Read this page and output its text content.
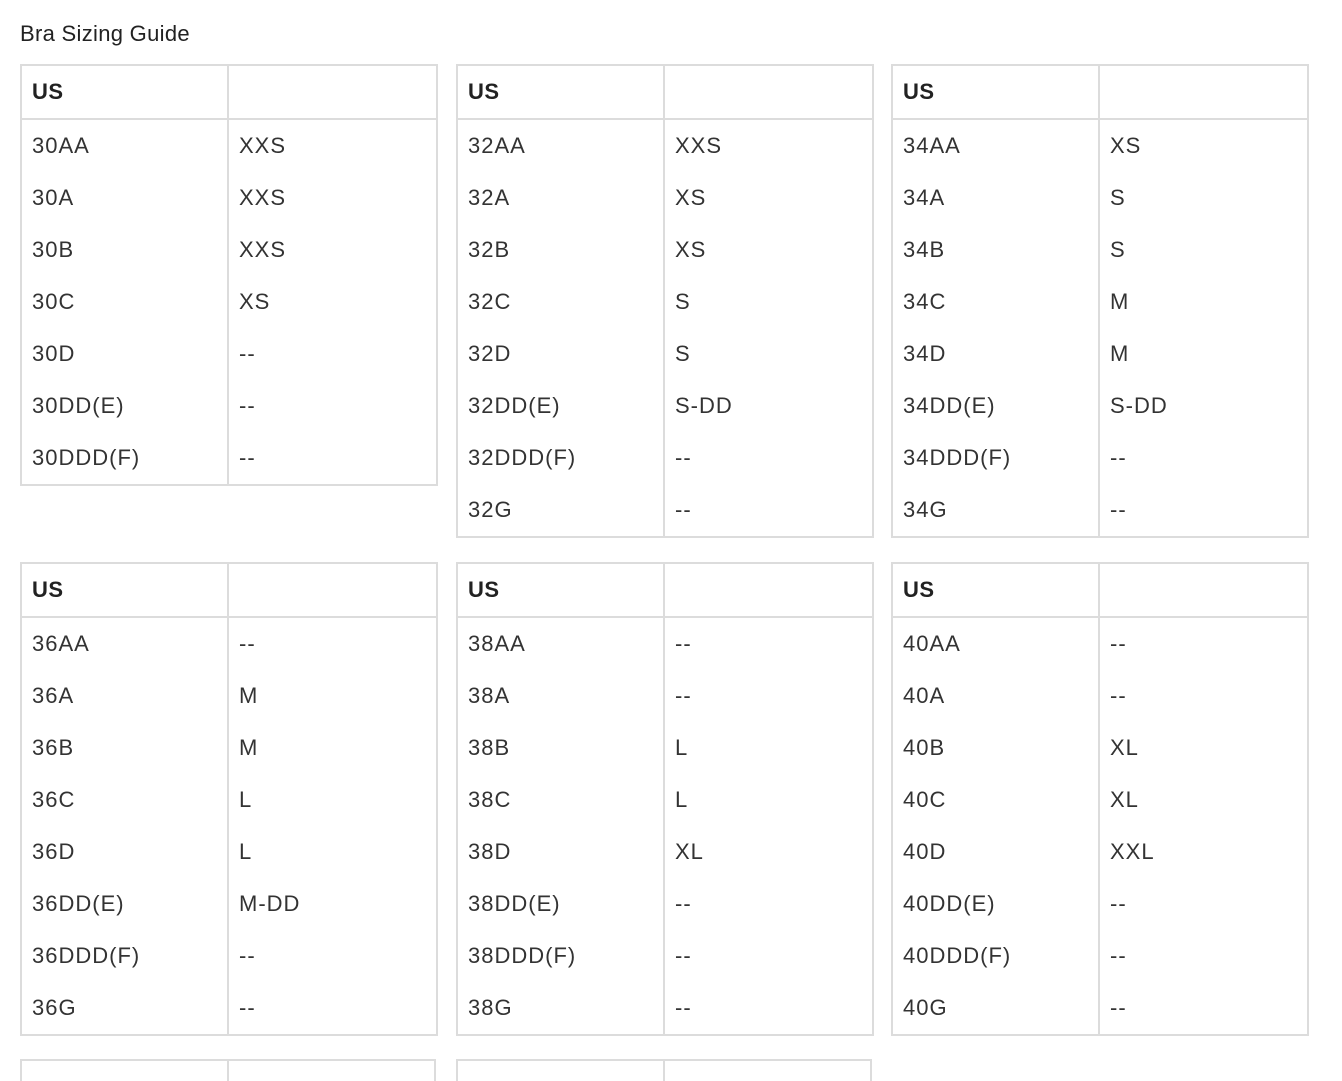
Bra Sizing Guide
US	
30AA	XXS
30A	XXS
30B	XXS
30C	XS
30D	--
30DD(E)	--
30DDD(F)	--
US	
32AA	XXS
32A	XS
32B	XS
32C	S
32D	S
32DD(E)	S-DD
32DDD(F)	--
32G	--
US	
34AA	XS
34A	S
34B	S
34C	M
34D	M
34DD(E)	S-DD
34DDD(F)	--
34G	--
US	
36AA	--
36A	M
36B	M
36C	L
36D	L
36DD(E)	M-DD
36DDD(F)	--
36G	--
US	
38AA	--
38A	--
38B	L
38C	L
38D	XL
38DD(E)	--
38DDD(F)	--
38G	--
US	
40AA	--
40A	--
40B	XL
40C	XL
40D	XXL
40DD(E)	--
40DDD(F)	--
40G	--
